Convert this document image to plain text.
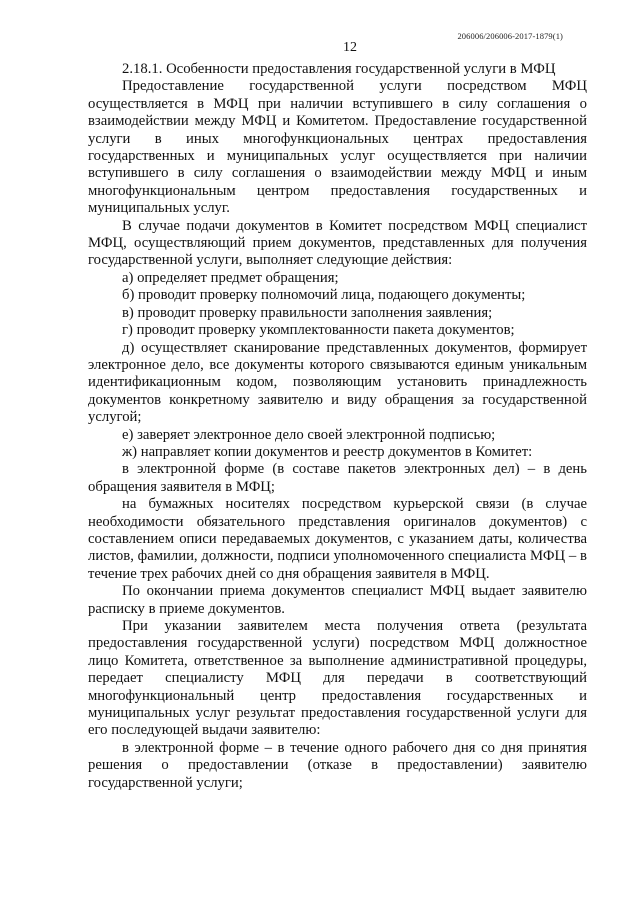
206006/206006-2017-1879(1)
12

2.18.1. Особенности предоставления государственной услуги в МФЦ

Предоставление государственной услуги посредством МФЦ осуществляется в МФЦ при наличии вступившего в силу соглашения о взаимодействии между МФЦ и Комитетом. Предоставление государственной услуги в иных многофункциональных центрах предоставления государственных и муниципальных услуг осуществляется при наличии вступившего в силу соглашения о взаимодействии между МФЦ и иным многофункциональным центром предоставления государственных и муниципальных услуг.

В случае подачи документов в Комитет посредством МФЦ специалист МФЦ, осуществляющий прием документов, представленных для получения государственной услуги, выполняет следующие действия:

а) определяет предмет обращения;

б) проводит проверку полномочий лица, подающего документы;

в) проводит проверку правильности заполнения заявления;

г) проводит проверку укомплектованности пакета документов;

д) осуществляет сканирование представленных документов, формирует электронное дело, все документы которого связываются единым уникальным идентификационным кодом, позволяющим установить принадлежность документов конкретному заявителю и виду обращения за государственной услугой;

е) заверяет электронное дело своей электронной подписью;

ж) направляет копии документов и реестр документов в Комитет:

в электронной форме (в составе пакетов электронных дел) – в день обращения заявителя в МФЦ;

на бумажных носителях посредством курьерской связи (в случае необходимости обязательного представления оригиналов документов) с составлением описи передаваемых документов, с указанием даты, количества листов, фамилии, должности, подписи уполномоченного специалиста МФЦ – в течение трех рабочих дней со дня обращения заявителя в МФЦ.

По окончании приема документов специалист МФЦ выдает заявителю расписку в приеме документов.

При указании заявителем места получения ответа (результата предоставления государственной услуги) посредством МФЦ должностное лицо Комитета, ответственное за выполнение административной процедуры, передает специалисту МФЦ для передачи в соответствующий многофункциональный центр предоставления государственных и муниципальных услуг результат предоставления государственной услуги для его последующей выдачи заявителю:

в электронной форме – в течение одного рабочего дня со дня принятия решения о предоставлении (отказе в предоставлении) заявителю государственной услуги;
